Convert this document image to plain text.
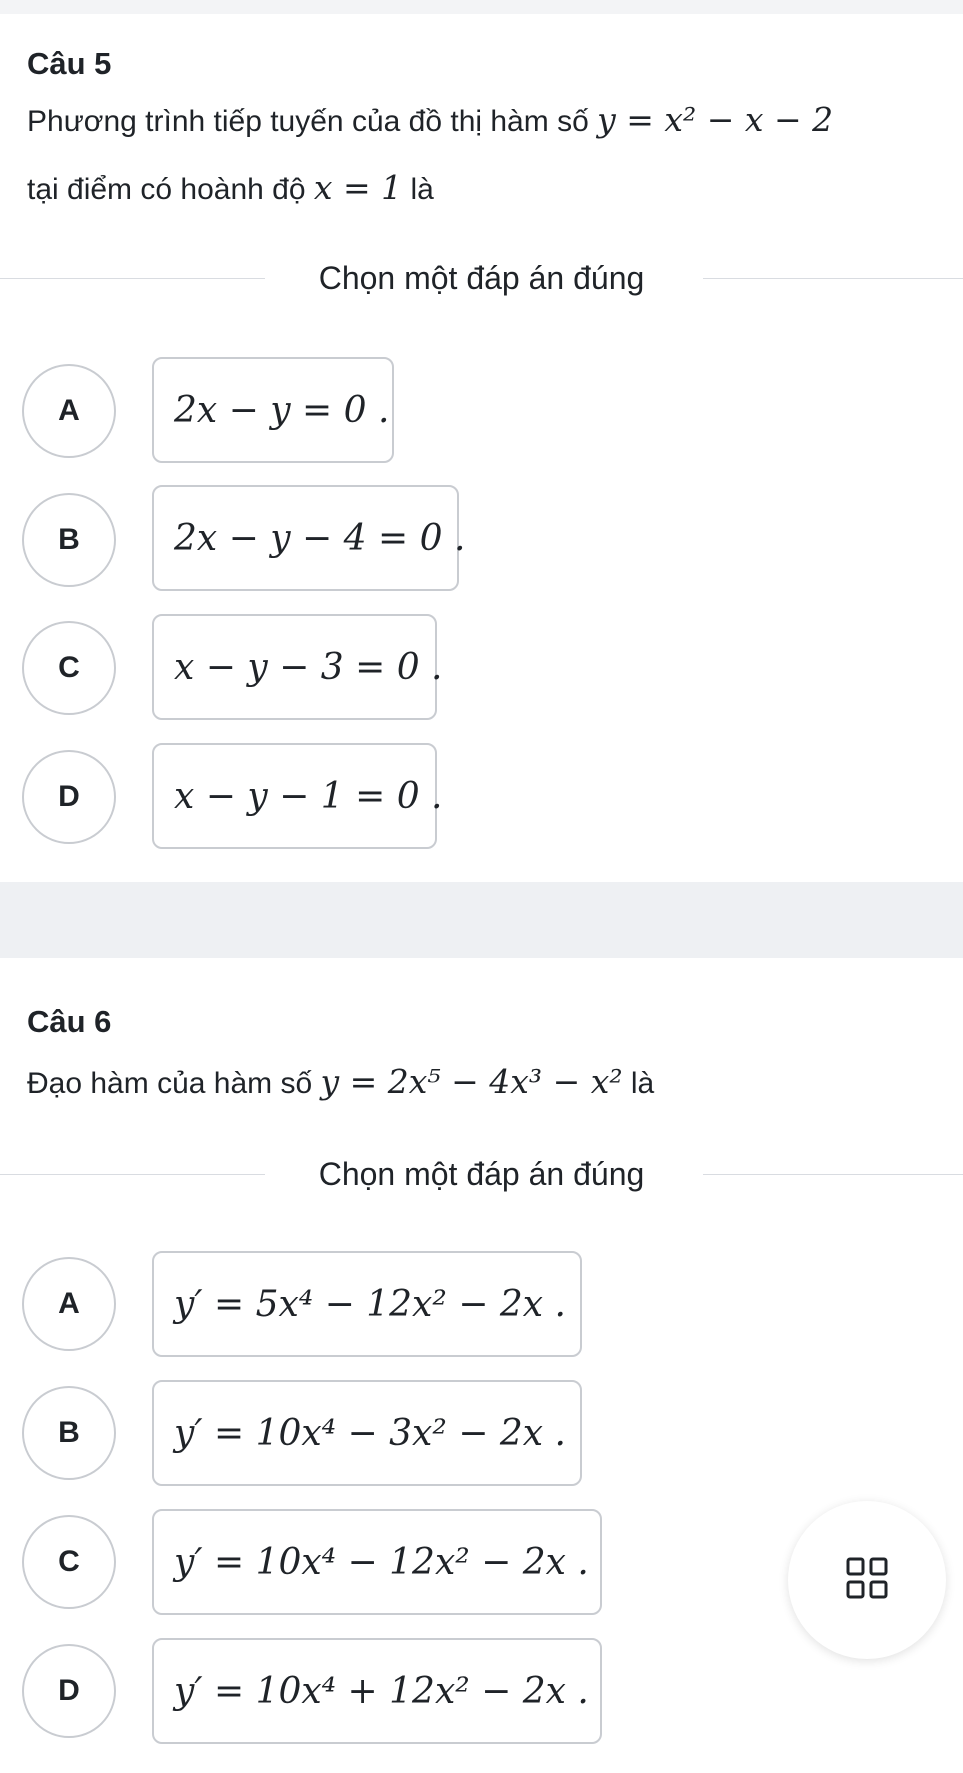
Câu 5
Phương trình tiếp tuyến của đồ thị hàm số y = x² − x − 2
tại điểm có hoành độ x = 1 là
Chọn một đáp án đúng
A	2x − y = 0 .
B	2x − y − 4 = 0 .
C	x − y − 3 = 0 .
D	x − y − 1 = 0 .
Câu 6
Đạo hàm của hàm số y = 2x⁵ − 4x³ − x² là
Chọn một đáp án đúng
A	y′ = 5x⁴ − 12x² − 2x .
B	y′ = 10x⁴ − 3x² − 2x .
C	y′ = 10x⁴ − 12x² − 2x .
D	y′ = 10x⁴ + 12x² − 2x .
